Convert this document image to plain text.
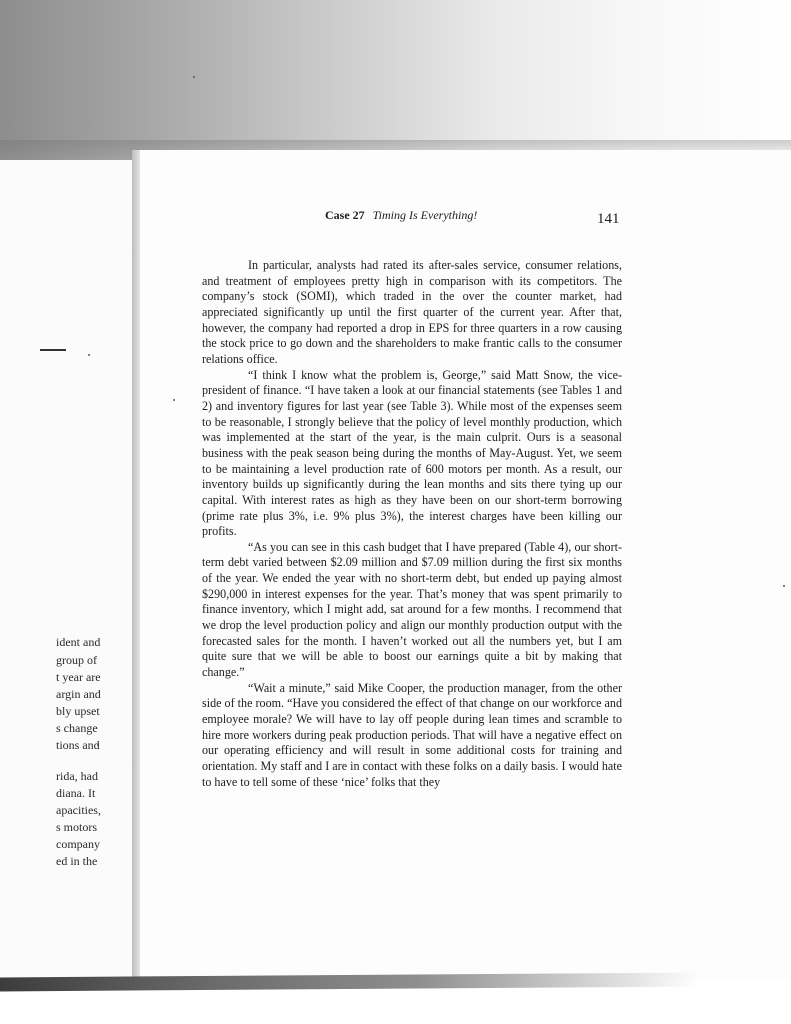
Case 27 Timing Is Everything!	141

In particular, analysts had rated its after-sales service, consumer relations, and treatment of employees pretty high in comparison with its competitors. The company’s stock (SOMI), which traded in the over the counter market, had appreciated significantly up until the first quarter of the current year. After that, however, the company had reported a drop in EPS for three quarters in a row causing the stock price to go down and the shareholders to make frantic calls to the consumer relations office.

“I think I know what the problem is, George,” said Matt Snow, the vice-president of finance. “I have taken a look at our financial statements (see Tables 1 and 2) and inventory figures for last year (see Table 3). While most of the expenses seem to be reasonable, I strongly believe that the policy of level monthly production, which was implemented at the start of the year, is the main culprit. Ours is a seasonal business with the peak season being during the months of May-August. Yet, we seem to be maintaining a level production rate of 600 motors per month. As a result, our inventory builds up significantly during the lean months and sits there tying up our capital. With interest rates as high as they have been on our short-term borrowing (prime rate plus 3%, i.e. 9% plus 3%), the interest charges have been killing our profits.

“As you can see in this cash budget that I have prepared (Table 4), our short-term debt varied between $2.09 million and $7.09 million during the first six months of the year. We ended the year with no short-term debt, but ended up paying almost $290,000 in interest expenses for the year. That’s money that was spent primarily to finance inventory, which I might add, sat around for a few months. I recommend that we drop the level production policy and align our monthly production output with the forecasted sales for the month. I haven’t worked out all the numbers yet, but I am quite sure that we will be able to boost our earnings quite a bit by making that change.”

“Wait a minute,” said Mike Cooper, the production manager, from the other side of the room. “Have you considered the effect of that change on our workforce and employee morale? We will have to lay off people during lean times and scramble to hire more workers during peak production periods. That will have a negative effect on our operating efficiency and will result in some additional costs for training and orientation. My staff and I are in contact with these folks on a daily basis. I would hate to have to tell some of these ‘nice’ folks that they

ident and
group of
t year are
argin and
bly upset
s change
tions and
rida, had
diana. It
apacities,
s motors
company
ed in the
